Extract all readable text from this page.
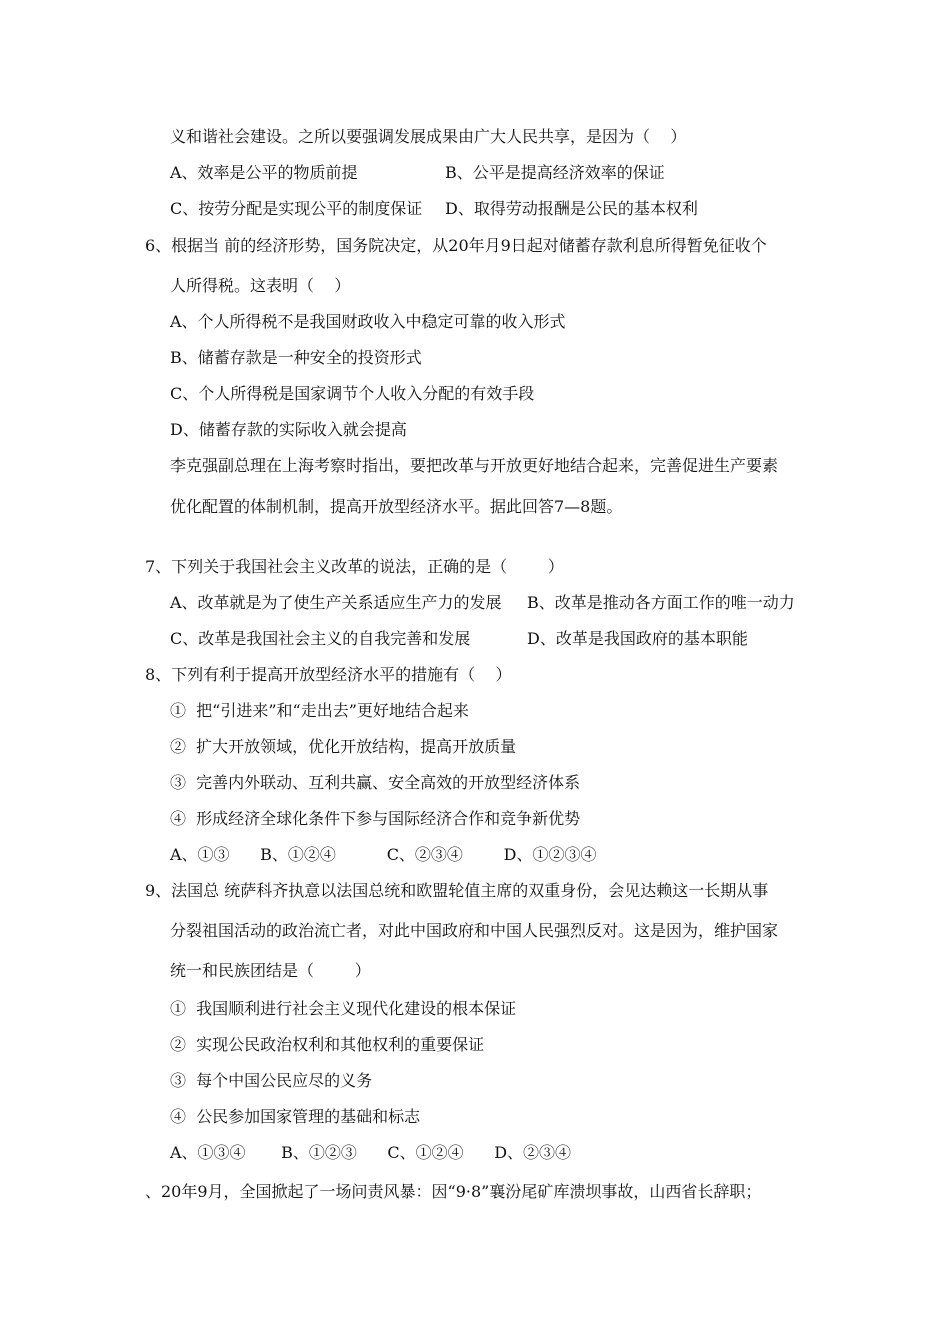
义和谐社会建设。之所以要强调发展成果由广大人民共享，是因为（    ）
A、效率是公平的物质前提	B、公平是提高经济效率的保证
C、按劳分配是实现公平的制度保证 D、取得劳动报酬是公民的基本权利
6、根据当 前的经济形势，国务院决定，从20年月9日起对储蓄存款利息所得暂免征收个
人所得税。这表明（    ）
A、个人所得税不是我国财政收入中稳定可靠的收入形式
B、储蓄存款是一种安全的投资形式
C、个人所得税是国家调节个人收入分配的有效手段
D、储蓄存款的实际收入就会提高
李克强副总理在上海考察时指出，要把改革与开放更好地结合起来，完善促进生产要素
优化配置的体制机制，提高开放型经济水平。据此回答7—8题。
7、下列关于我国社会主义改革的说法，正确的是（        ）
A、改革就是为了使生产关系适应生产力的发展 B、改革是推动各方面工作的唯一动力
C、改革是我国社会主义的自我完善和发展	D、改革是我国政府的基本职能
8、下列有利于提高开放型经济水平的措施有（    ）
①  把“引进来”和“走出去”更好地结合起来
②  扩大开放领域，优化开放结构，提高开放质量
③  完善内外联动、互利共赢、安全高效的开放型经济体系
④  形成经济全球化条件下参与国际经济合作和竞争新优势
A、①③      B、①②④          C、②③④        D、①②③④
9、法国总 统萨科齐执意以法国总统和欧盟轮值主席的双重身份，会见达赖这一长期从事
分裂祖国活动的政治流亡者，对此中国政府和中国人民强烈反对。这是因为，维护国家
统一和民族团结是（        ）
①  我国顺利进行社会主义现代化建设的根本保证
②  实现公民政治权利和其他权利的重要保证
③  每个中国公民应尽的义务
④  公民参加国家管理的基础和标志
A、①③④       B、①②③      C、①②④      D、②③④
、20年9月，全国掀起了一场问责风暴：因“9·8”襄汾尾矿库溃坝事故，山西省长辞职；
